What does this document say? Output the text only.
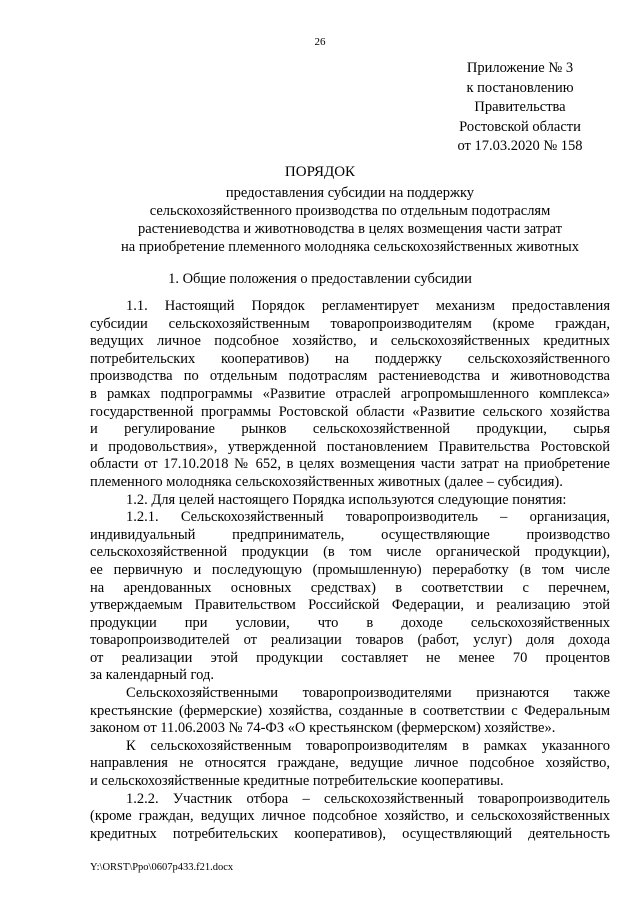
26
Приложение № 3
к постановлению
Правительства
Ростовской области
от 17.03.2020 № 158
ПОРЯДОК
предоставления субсидии на поддержку
сельскохозяйственного производства по отдельным подотраслям
растениеводства и животноводства в целях возмещения части затрат
на приобретение племенного молодняка сельскохозяйственных животных
1. Общие положения о предоставлении субсидии
1.1. Настоящий Порядок регламентирует механизм предоставления
субсидии сельскохозяйственным товаропроизводителям (кроме граждан,
ведущих личное подсобное хозяйство, и сельскохозяйственных кредитных
потребительских кооперативов) на поддержку сельскохозяйственного
производства по отдельным подотраслям растениеводства и животноводства
в рамках подпрограммы «Развитие отраслей агропромышленного комплекса»
государственной программы Ростовской области «Развитие сельского хозяйства
и регулирование рынков сельскохозяйственной продукции, сырья
и продовольствия», утвержденной постановлением Правительства Ростовской
области от 17.10.2018 № 652, в целях возмещения части затрат на приобретение
племенного молодняка сельскохозяйственных животных (далее – субсидия).
1.2. Для целей настоящего Порядка используются следующие понятия:
1.2.1. Сельскохозяйственный товаропроизводитель – организация,
индивидуальный предприниматель, осуществляющие производство
сельскохозяйственной продукции (в том числе органической продукции),
ее первичную и последующую (промышленную) переработку (в том числе
на арендованных основных средствах) в соответствии с перечнем,
утверждаемым Правительством Российской Федерации, и реализацию этой
продукции при условии, что в доходе сельскохозяйственных
товаропроизводителей от реализации товаров (работ, услуг) доля дохода
от реализации этой продукции составляет не менее 70 процентов
за календарный год.
Сельскохозяйственными товаропроизводителями признаются также
крестьянские (фермерские) хозяйства, созданные в соответствии с Федеральным
законом от 11.06.2003 № 74-ФЗ «О крестьянском (фермерском) хозяйстве».
К сельскохозяйственным товаропроизводителям в рамках указанного
направления не относятся граждане, ведущие личное подсобное хозяйство,
и сельскохозяйственные кредитные потребительские кооперативы.
1.2.2. Участник отбора – сельскохозяйственный товаропроизводитель
(кроме граждан, ведущих личное подсобное хозяйство, и сельскохозяйственных
кредитных потребительских кооперативов), осуществляющий деятельность
Y:\ORST\Ppo\0607p433.f21.docx
